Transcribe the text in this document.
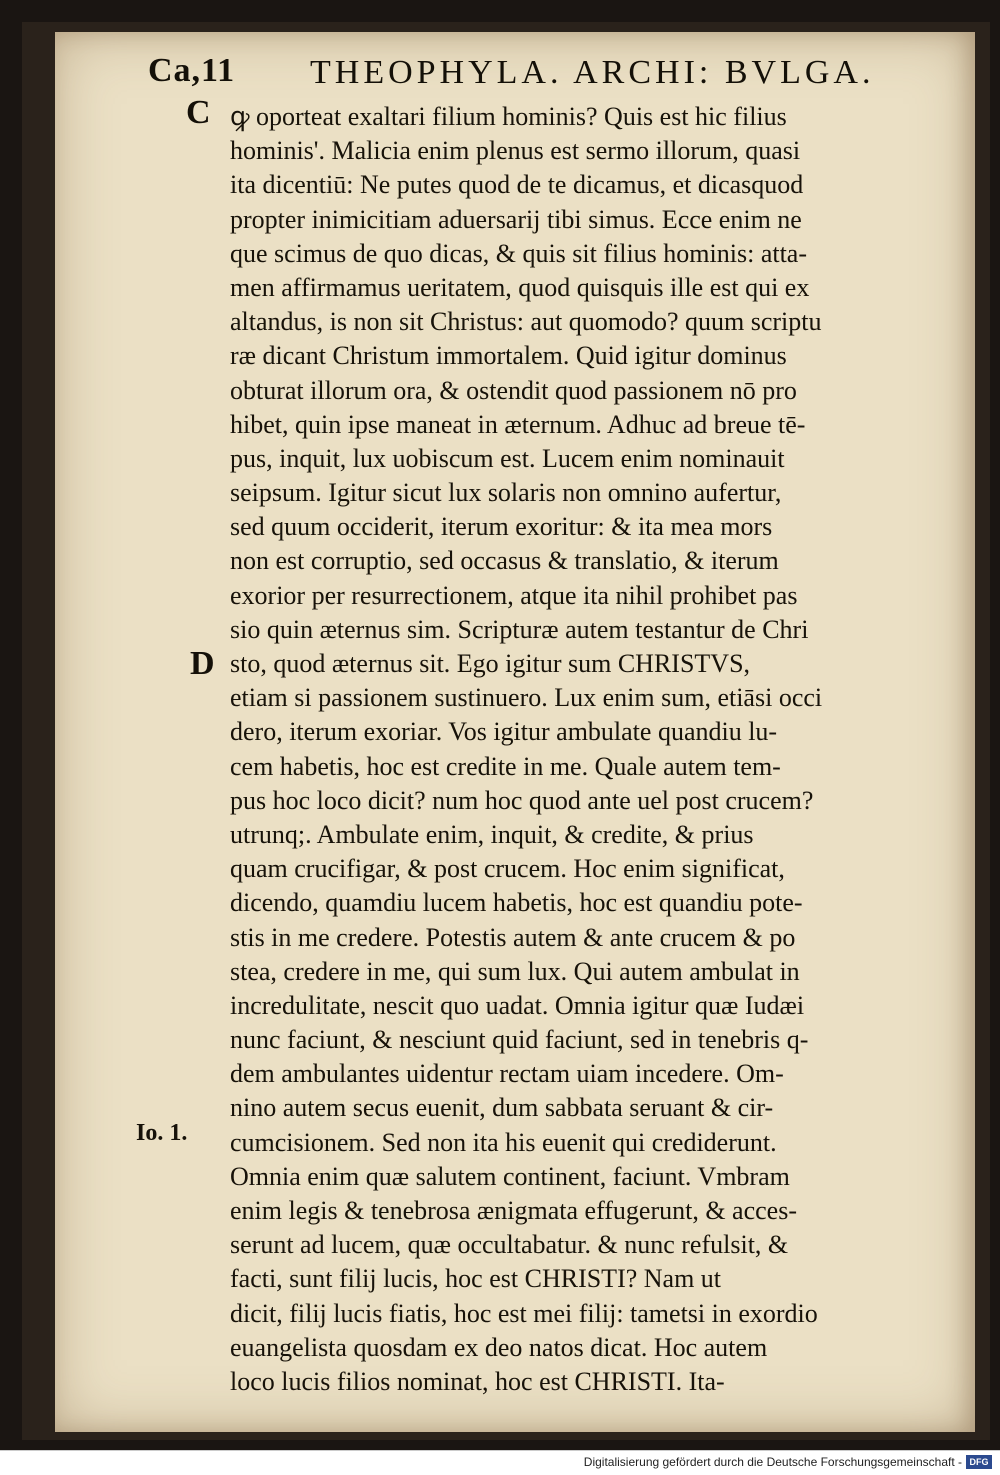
Ca,11 THEOPHYLA. ARCHI: BVLGA.
C
D
Io. 1.
ꝙ oporteat exaltari filium hominis? Quis est hic filius
hominis'. Malicia enim plenus est sermo illorum, quasi
ita dicentiū: Ne putes quod de te dicamus, et dicasquod
propter inimicitiam aduersarij tibi simus. Ecce enim ne
que scimus de quo dicas, & quis sit filius hominis: atta-
men affirmamus ueritatem, quod quisquis ille est qui ex
altandus, is non sit Christus: aut quomodo? quum scriptu
ræ dicant Christum immortalem. Quid igitur dominus
obturat illorum ora, & ostendit quod passionem nō pro
hibet, quin ipse maneat in æternum. Adhuc ad breue tē-
pus, inquit, lux uobiscum est. Lucem enim nominauit
seipsum. Igitur sicut lux solaris non omnino aufertur,
sed quum occiderit, iterum exoritur: & ita mea mors
non est corruptio, sed occasus & translatio, & iterum
exorior per resurrectionem, atque ita nihil prohibet pas
sio quin æternus sim. Scripturæ autem testantur de Chri
sto, quod æternus sit. Ego igitur sum CHRISTVS,
etiam si passionem sustinuero. Lux enim sum, etiāsi occi
dero, iterum exoriar. Vos igitur ambulate quandiu lu-
cem habetis, hoc est credite in me. Quale autem tem-
pus hoc loco dicit? num hoc quod ante uel post crucem?
utrunq;. Ambulate enim, inquit, & credite, & prius
quam crucifigar, & post crucem. Hoc enim significat,
dicendo, quamdiu lucem habetis, hoc est quandiu pote-
stis in me credere. Potestis autem & ante crucem & po
stea, credere in me, qui sum lux. Qui autem ambulat in
incredulitate, nescit quo uadat. Omnia igitur quæ Iudæi
nunc faciunt, & nesciunt quid faciunt, sed in tenebris q-
dem ambulantes uidentur rectam uiam incedere. Om-
nino autem secus euenit, dum sabbata seruant & cir-
cumcisionem. Sed non ita his euenit qui crediderunt.
Omnia enim quæ salutem continent, faciunt. Vmbram
enim legis & tenebrosa ænigmata effugerunt, & acces-
serunt ad lucem, quæ occultabatur. & nunc refulsit, &
facti, sunt filij lucis, hoc est CHRISTI? Nam ut
dicit, filij lucis fiatis, hoc est mei filij: tametsi in exordio
euangelista quosdam ex deo natos dicat. Hoc autem
loco lucis filios nominat, hoc est CHRISTI. Ita-
Digitalisierung gefördert durch die Deutsche Forschungsgemeinschaft - DFG
